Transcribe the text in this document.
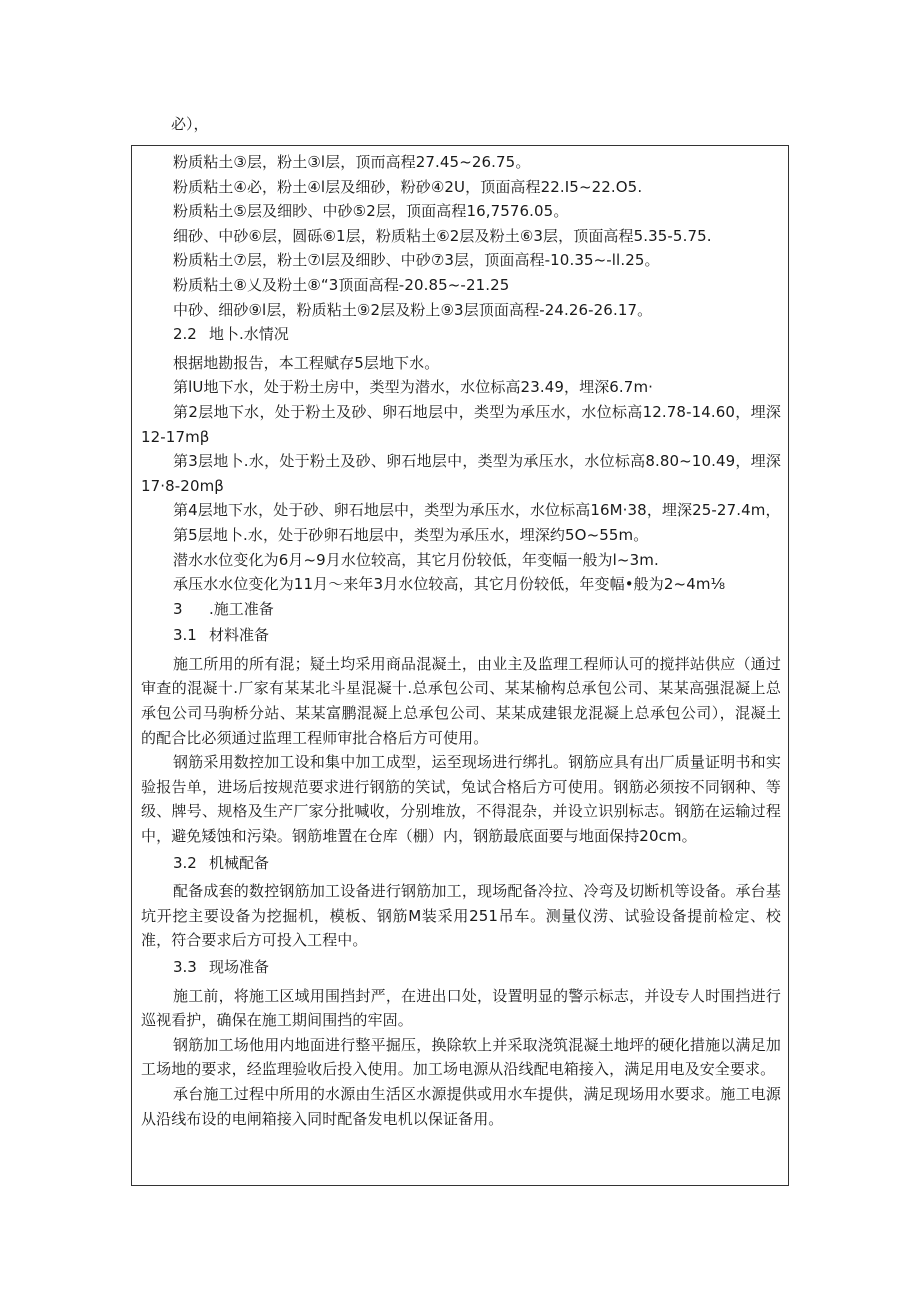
必），

粉质粘土③层，粉土③l层，顶而高程27.45~26.75。

粉质粘土④必，粉土④l层及细砂，粉砂④2U，顶面高程22.I5~22.O5.

粉质粘土⑤层及细眇、中砂⑤2层，顶面高程16,7576.05。

细砂、中砂⑥层，圆砾⑥1层，粉质粘土⑥2层及粉土⑥3层，顶面高程5.35-5.75.

粉质粘土⑦层，粉土⑦l层及细眇、中砂⑦3层，顶面高程-10.35~-ll.25。

粉质粘土⑧乂及粉土⑧“3顶面高程-20.85~-21.25

中砂、细砂⑨l层，粉质粘土⑨2层及粉上⑨3层顶面高程-24.26-26.17。

2.2 地卜.水情况

根据地勘报告，本工程赋存5层地下水。

第lU地下水，处于粉土房中，类型为潜水，水位标高23.49，埋深6.7m·

第2层地下水，处于粉土及砂、卵石地层中，类型为承压水，水位标高12.78-14.60，埋深12-17mβ

第3层地卜.水，处于粉土及砂、卵石地层中，类型为承压水，水位标高8.80~10.49，埋深17·8-20mβ

第4层地下水，处于砂、卵石地层中，类型为承压水，水位标高16M·38，埋深25-27.4m，

第5层地卜.水，处于砂卵石地层中，类型为承压水，埋深约5O~55m。

潜水水位变化为6月~9月水位较高，其它月份较低，年变幅一般为l~3m.

承压水水位变化为11月～来年3月水位较高，其它月份较低，年变幅•般为2~4m⅛

3 .施工准备

3.1 材料准备

施工所用的所有混；疑土均采用商品混凝土，由业主及监理工程师认可的搅拌站供应（通过审查的混凝十.厂家有某某北斗星混凝十.总承包公司、某某榆构总承包公司、某某高强混凝上总承包公司马驹桥分站、某某富鹏混凝上总承包公司、某某成建银龙混凝上总承包公司），混凝土的配合比必须通过监理工程师审批合格后方可使用。

钢筋采用数控加工设和集中加工成型，运至现场进行绑扎。钢筋应具有出厂质量证明书和实验报告单，进场后按规范要求进行钢筋的笑试，兔试合格后方可使用。钢筋必须按不同钢种、等级、牌号、规格及生产厂家分批喊收，分别堆放，不得混杂，并设立识别标志。钢筋在运输过程中，避免矮蚀和污染。钢筋堆置在仓库（棚）内，钢筋最底面要与地面保持20cm。

3.2 机械配备

配备成套的数控钢筋加工设备进行钢筋加工，现场配备冷拉、冷弯及切断机等设备。承台基坑开挖主要设备为挖掘机，模板、钢筋M装采用251吊车。测量仪涝、试验设备提前检定、校准，符合要求后方可投入工程中。

3.3 现场准备

施工前，将施工区域用围挡封严，在进出口处，设置明显的警示标志，并设专人时围挡进行巡视看护，确保在施工期间围挡的牢固。

钢筋加工场他用内地面进行整平掘压，换除软上并采取浇筑混凝土地坪的硬化措施以满足加工场地的要求，经监理验收后投入使用。加工场电源从沿线配电箱接入，满足用电及安全要求。

承台施工过程中所用的水源由生活区水源提供或用水车提供，满足现场用水要求。施工电源从沿线布设的电闸箱接入同时配备发电机以保证备用。
